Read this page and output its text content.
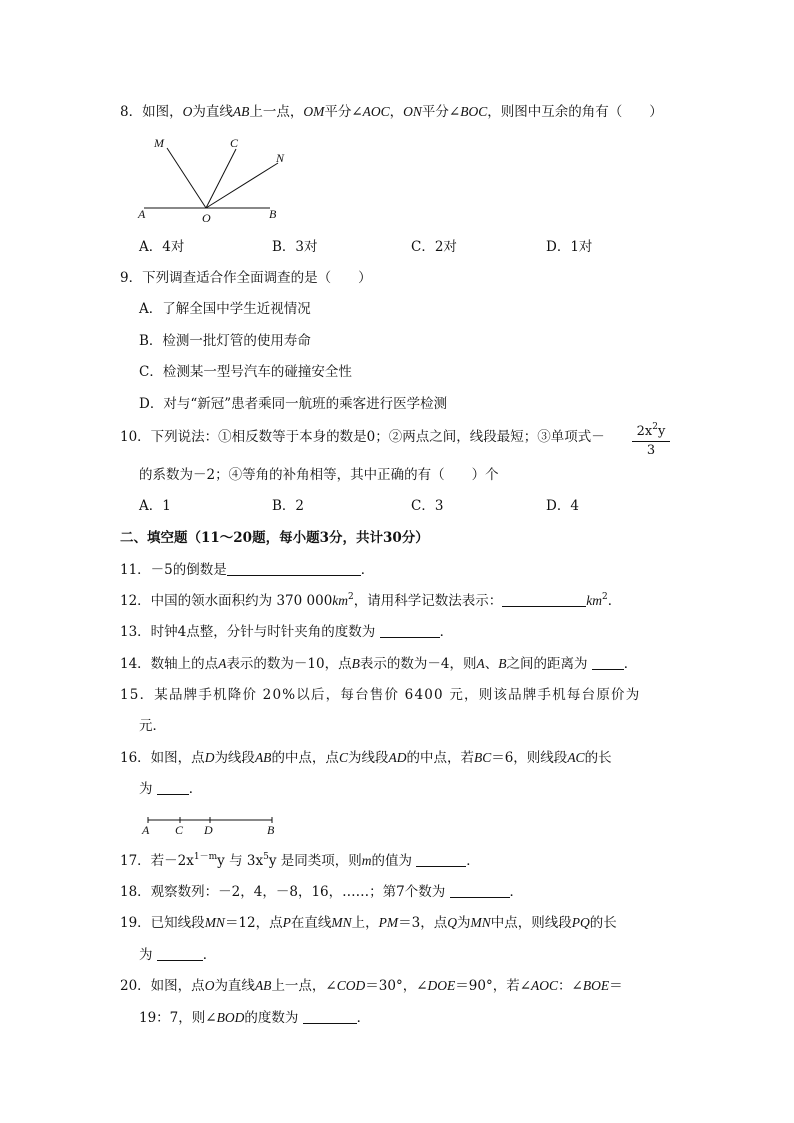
8．如图，O为直线AB上一点，OM平分∠AOC，ON平分∠BOC，则图中互余的角有（　　）
M	C
N
A	O	B
A．4对	B．3对	C．2对	D．1对
9．下列调查适合作全面调查的是（　　）
A．了解全国中学生近视情况
B．检测一批灯管的使用寿命
C．检测某一型号汽车的碰撞安全性
D．对与“新冠”患者乘同一航班的乘客进行医学检测
10．下列说法：①相反数等于本身的数是0；②两点之间，线段最短；③单项式－	$2x^2y$
3
的系数为－2；④等角的补角相等，其中正确的有（　　）个
A．1	B．2	C．3	D．4
二、填空题（11～20题，每小题3分，共计30分）
11．－5的倒数是	．
12．中国的领水面积约为 370 $000km^2$，请用科学记数法表示：	$km^2$．
13．时钟4点整，分针与时针夹角的度数为	．
14．数轴上的点A表示的数为－10，点B表示的数为－4，则A、B之间的距离为	．
15．某品牌手机降价 20%以后，每台售价 6400 元，则该品牌手机每台原价为
元．
16．如图，点D为线段AB的中点，点C为线段AD的中点，若BC＝6，则线段AC的长
为	．
A C D	B
17．若$-2x^{1-m}y$ 与 $3x^5y$ 是同类项，则m的值为	．
18．观察数列：－2，4，－8，16，……；第7个数为	．
19．已知线段MN＝12，点P在直线MN上，PM＝3，点Q为MN中点，则线段PQ的长
为	．
20．如图，点O为直线AB上一点，∠COD＝30°，∠DOE＝90°，若∠AOC：∠BOE＝
19：7，则∠BOD的度数为	．
